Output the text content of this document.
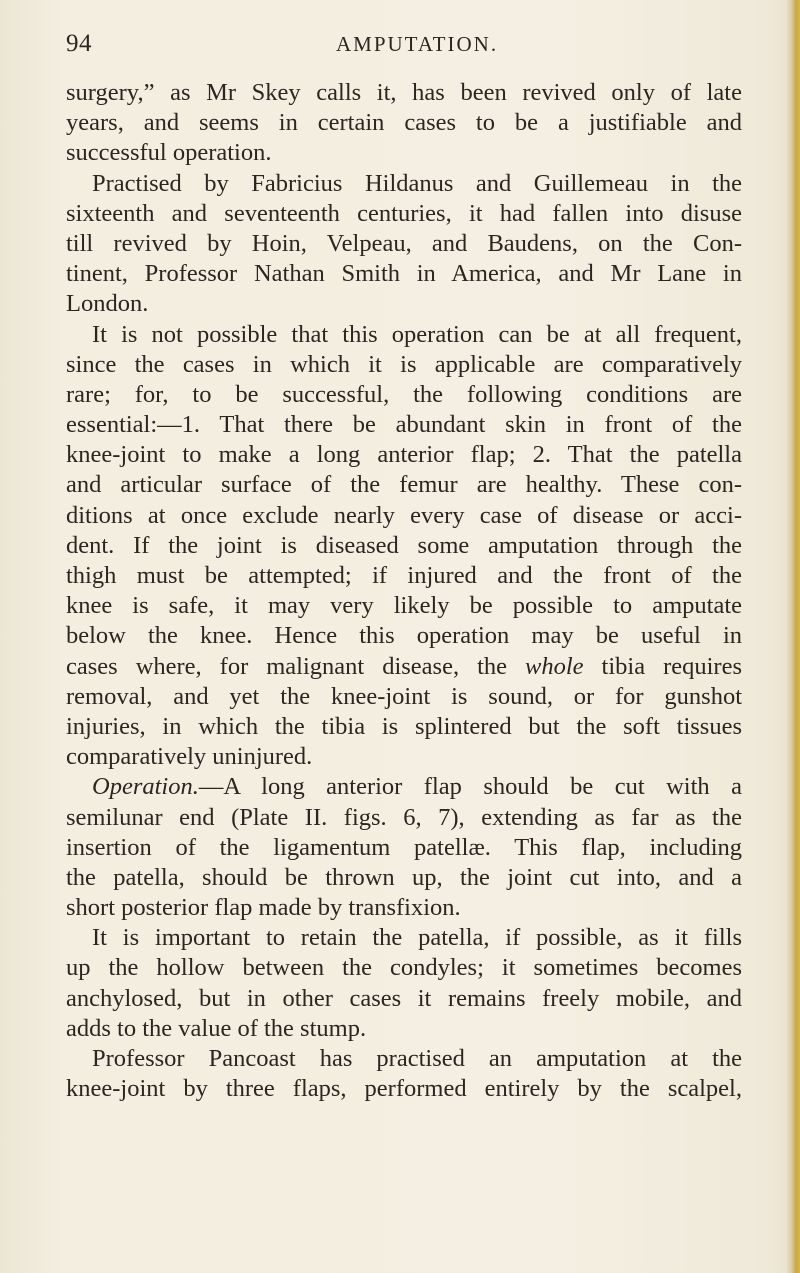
94	AMPUTATION.
surgery,” as Mr Skey calls it, has been revived only of late
years, and seems in certain cases to be a justifiable and
successful operation.
Practised by Fabricius Hildanus and Guillemeau in the
sixteenth and seventeenth centuries, it had fallen into disuse
till revived by Hoin, Velpeau, and Baudens, on the Con-
tinent, Professor Nathan Smith in America, and Mr Lane in
London.
It is not possible that this operation can be at all frequent,
since the cases in which it is applicable are comparatively
rare; for, to be successful, the following conditions are
essential:—1. That there be abundant skin in front of the
knee-joint to make a long anterior flap; 2. That the patella
and articular surface of the femur are healthy. These con-
ditions at once exclude nearly every case of disease or acci-
dent. If the joint is diseased some amputation through the
thigh must be attempted; if injured and the front of the
knee is safe, it may very likely be possible to amputate
below the knee. Hence this operation may be useful in
cases where, for malignant disease, the whole tibia requires
removal, and yet the knee-joint is sound, or for gunshot
injuries, in which the tibia is splintered but the soft tissues
comparatively uninjured.
Operation.—A long anterior flap should be cut with a
semilunar end (Plate II. figs. 6, 7), extending as far as the
insertion of the ligamentum patellæ. This flap, including
the patella, should be thrown up, the joint cut into, and a
short posterior flap made by transfixion.
It is important to retain the patella, if possible, as it fills
up the hollow between the condyles; it sometimes becomes
anchylosed, but in other cases it remains freely mobile, and
adds to the value of the stump.
Professor Pancoast has practised an amputation at the
knee-joint by three flaps, performed entirely by the scalpel,
